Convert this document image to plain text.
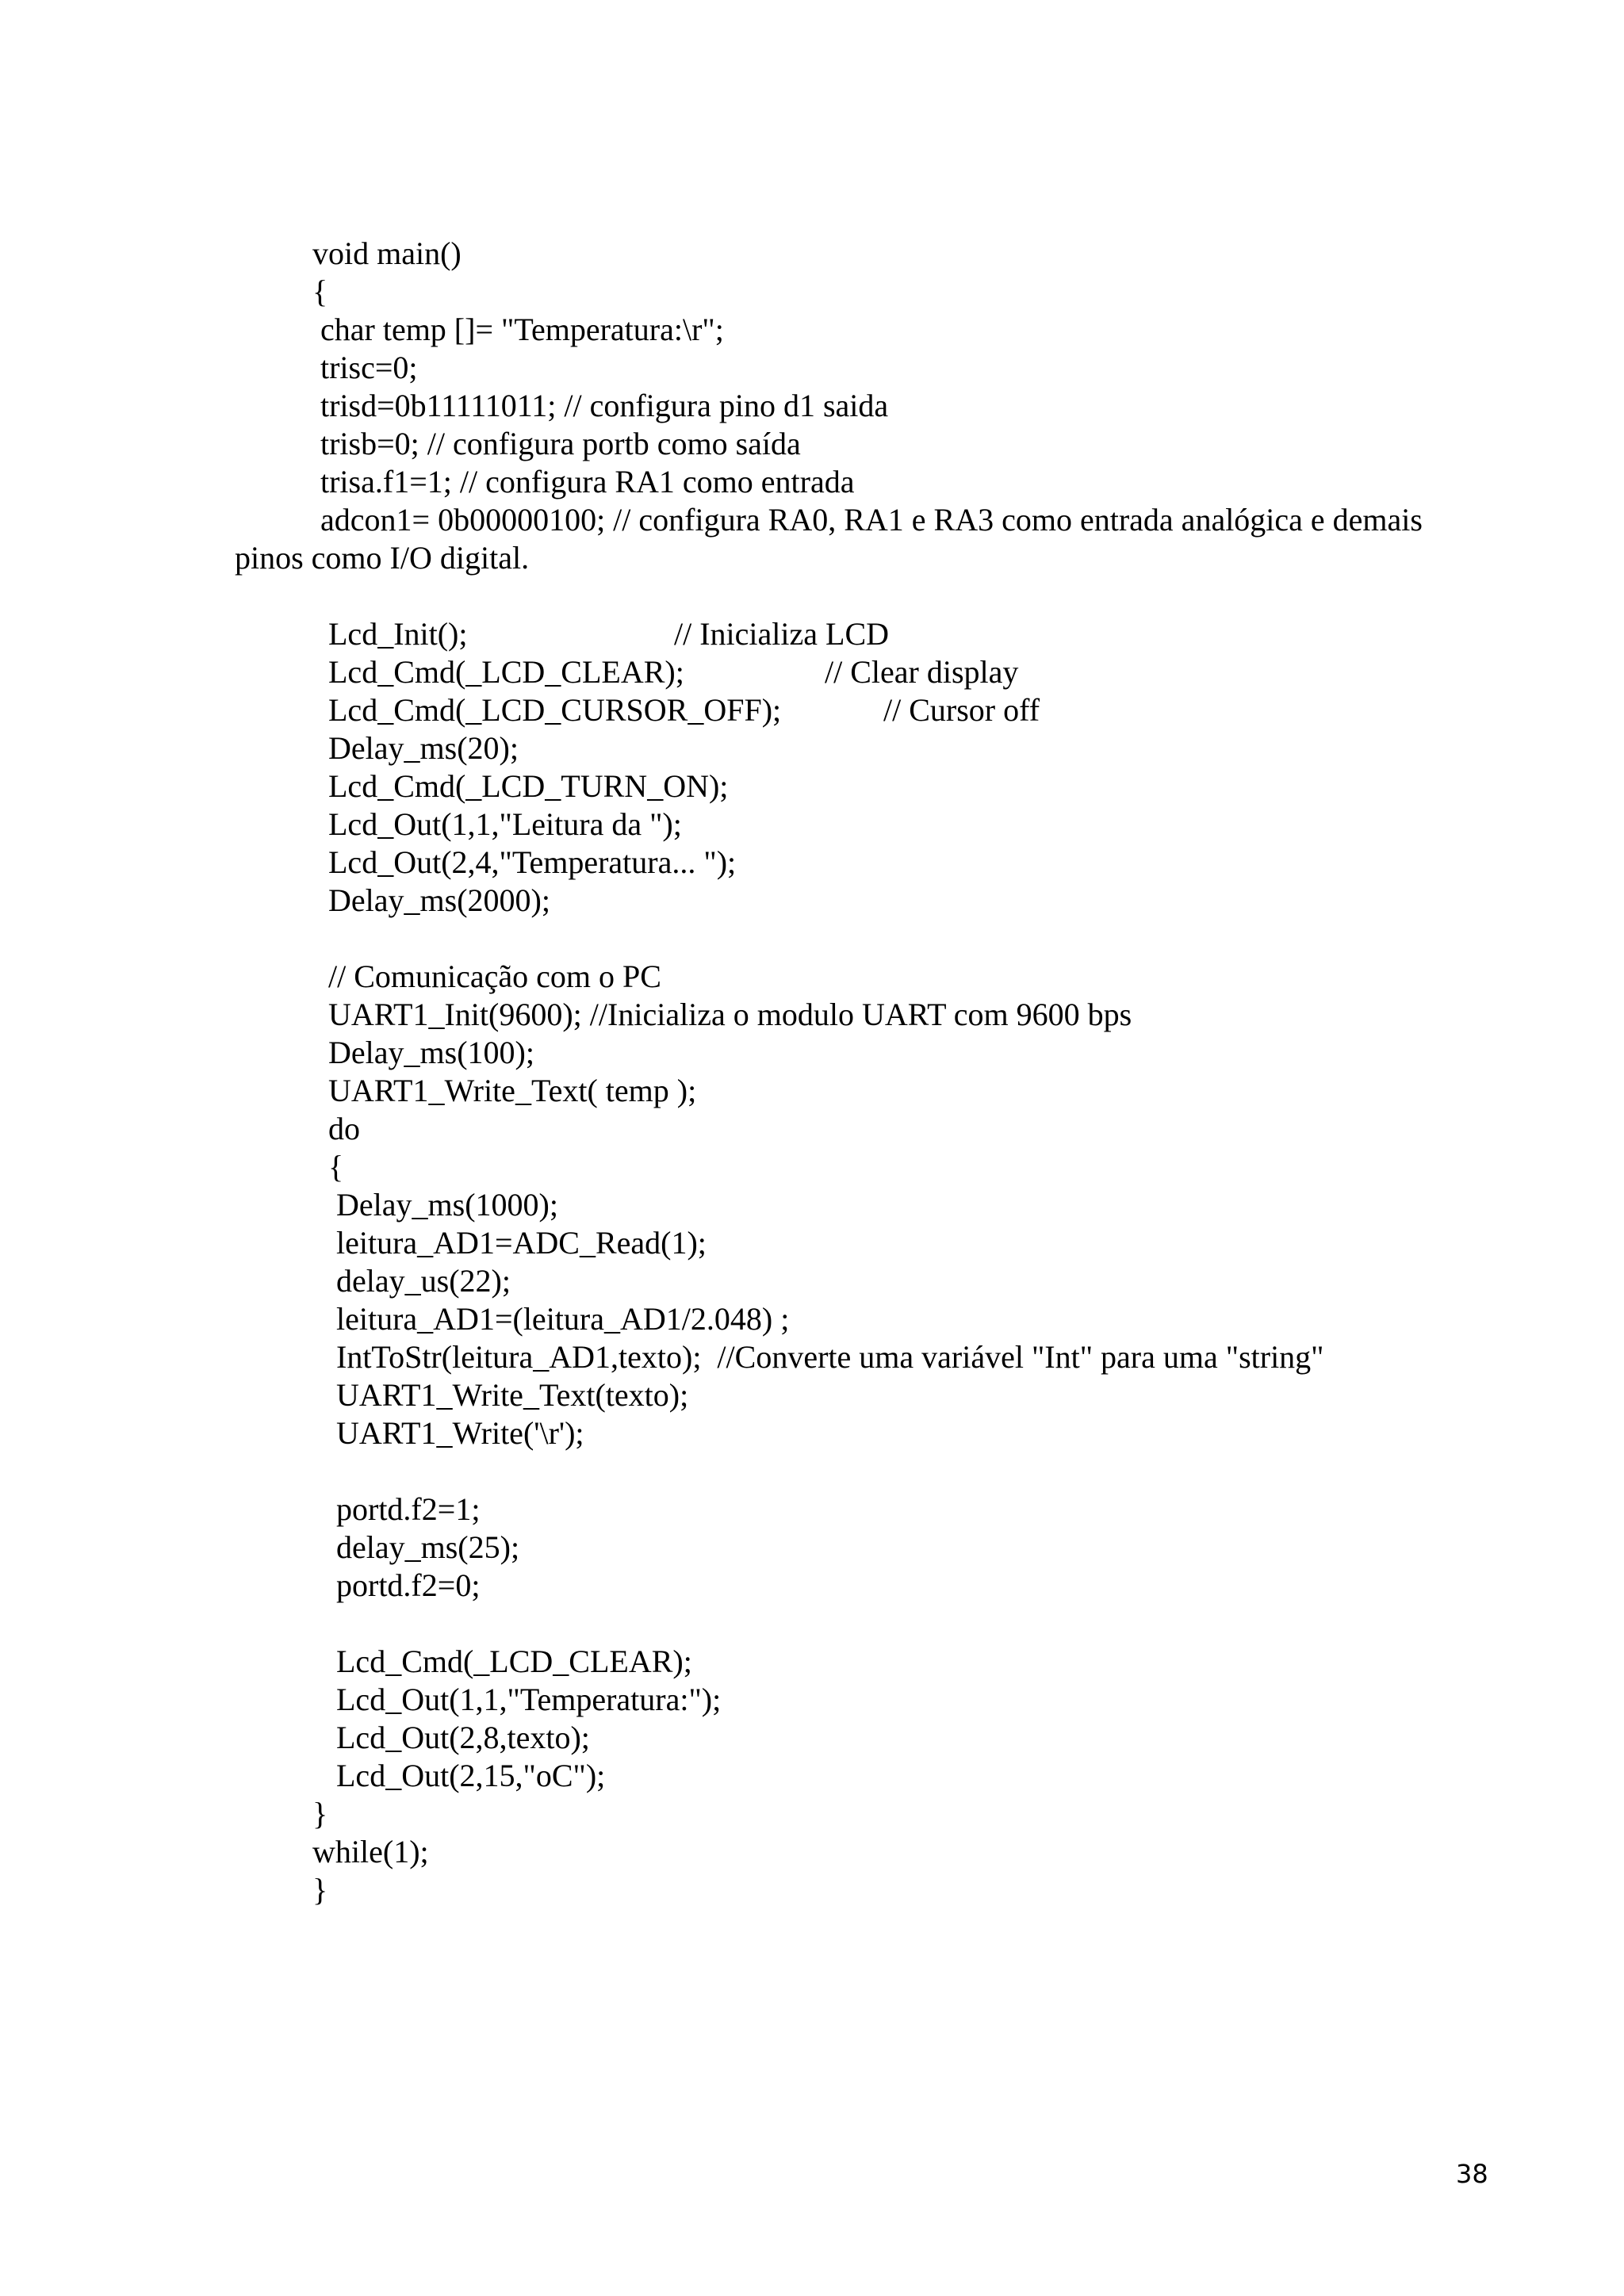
void main()
{
char temp []= "Temperatura:\r";
trisc=0;
trisd=0b11111011; // configura pino d1 saida
trisb=0; // configura portb como saída
trisa.f1=1; // configura RA1 como entrada
adcon1= 0b00000100; // configura RA0, RA1 e RA3 como entrada analógica e demais
pinos como I/O digital.
Lcd_Init();	// Inicializa LCD
Lcd_Cmd(_LCD_CLEAR);	// Clear display
Lcd_Cmd(_LCD_CURSOR_OFF);	// Cursor off
Delay_ms(20);
Lcd_Cmd(_LCD_TURN_ON);
Lcd_Out(1,1,"Leitura da ");
Lcd_Out(2,4,"Temperatura... ");
Delay_ms(2000);
// Comunicação com o PC
UART1_Init(9600); //Inicializa o modulo UART com 9600 bps
Delay_ms(100);
UART1_Write_Text( temp );
do
{
Delay_ms(1000);
leitura_AD1=ADC_Read(1);
delay_us(22);
leitura_AD1=(leitura_AD1/2.048) ;
IntToStr(leitura_AD1,texto);  //Converte uma variável "Int" para uma "string"
UART1_Write_Text(texto);
UART1_Write('\r');
portd.f2=1;
delay_ms(25);
portd.f2=0;
Lcd_Cmd(_LCD_CLEAR);
Lcd_Out(1,1,"Temperatura:");
Lcd_Out(2,8,texto);
Lcd_Out(2,15,"oC");
}
while(1);
}
38
